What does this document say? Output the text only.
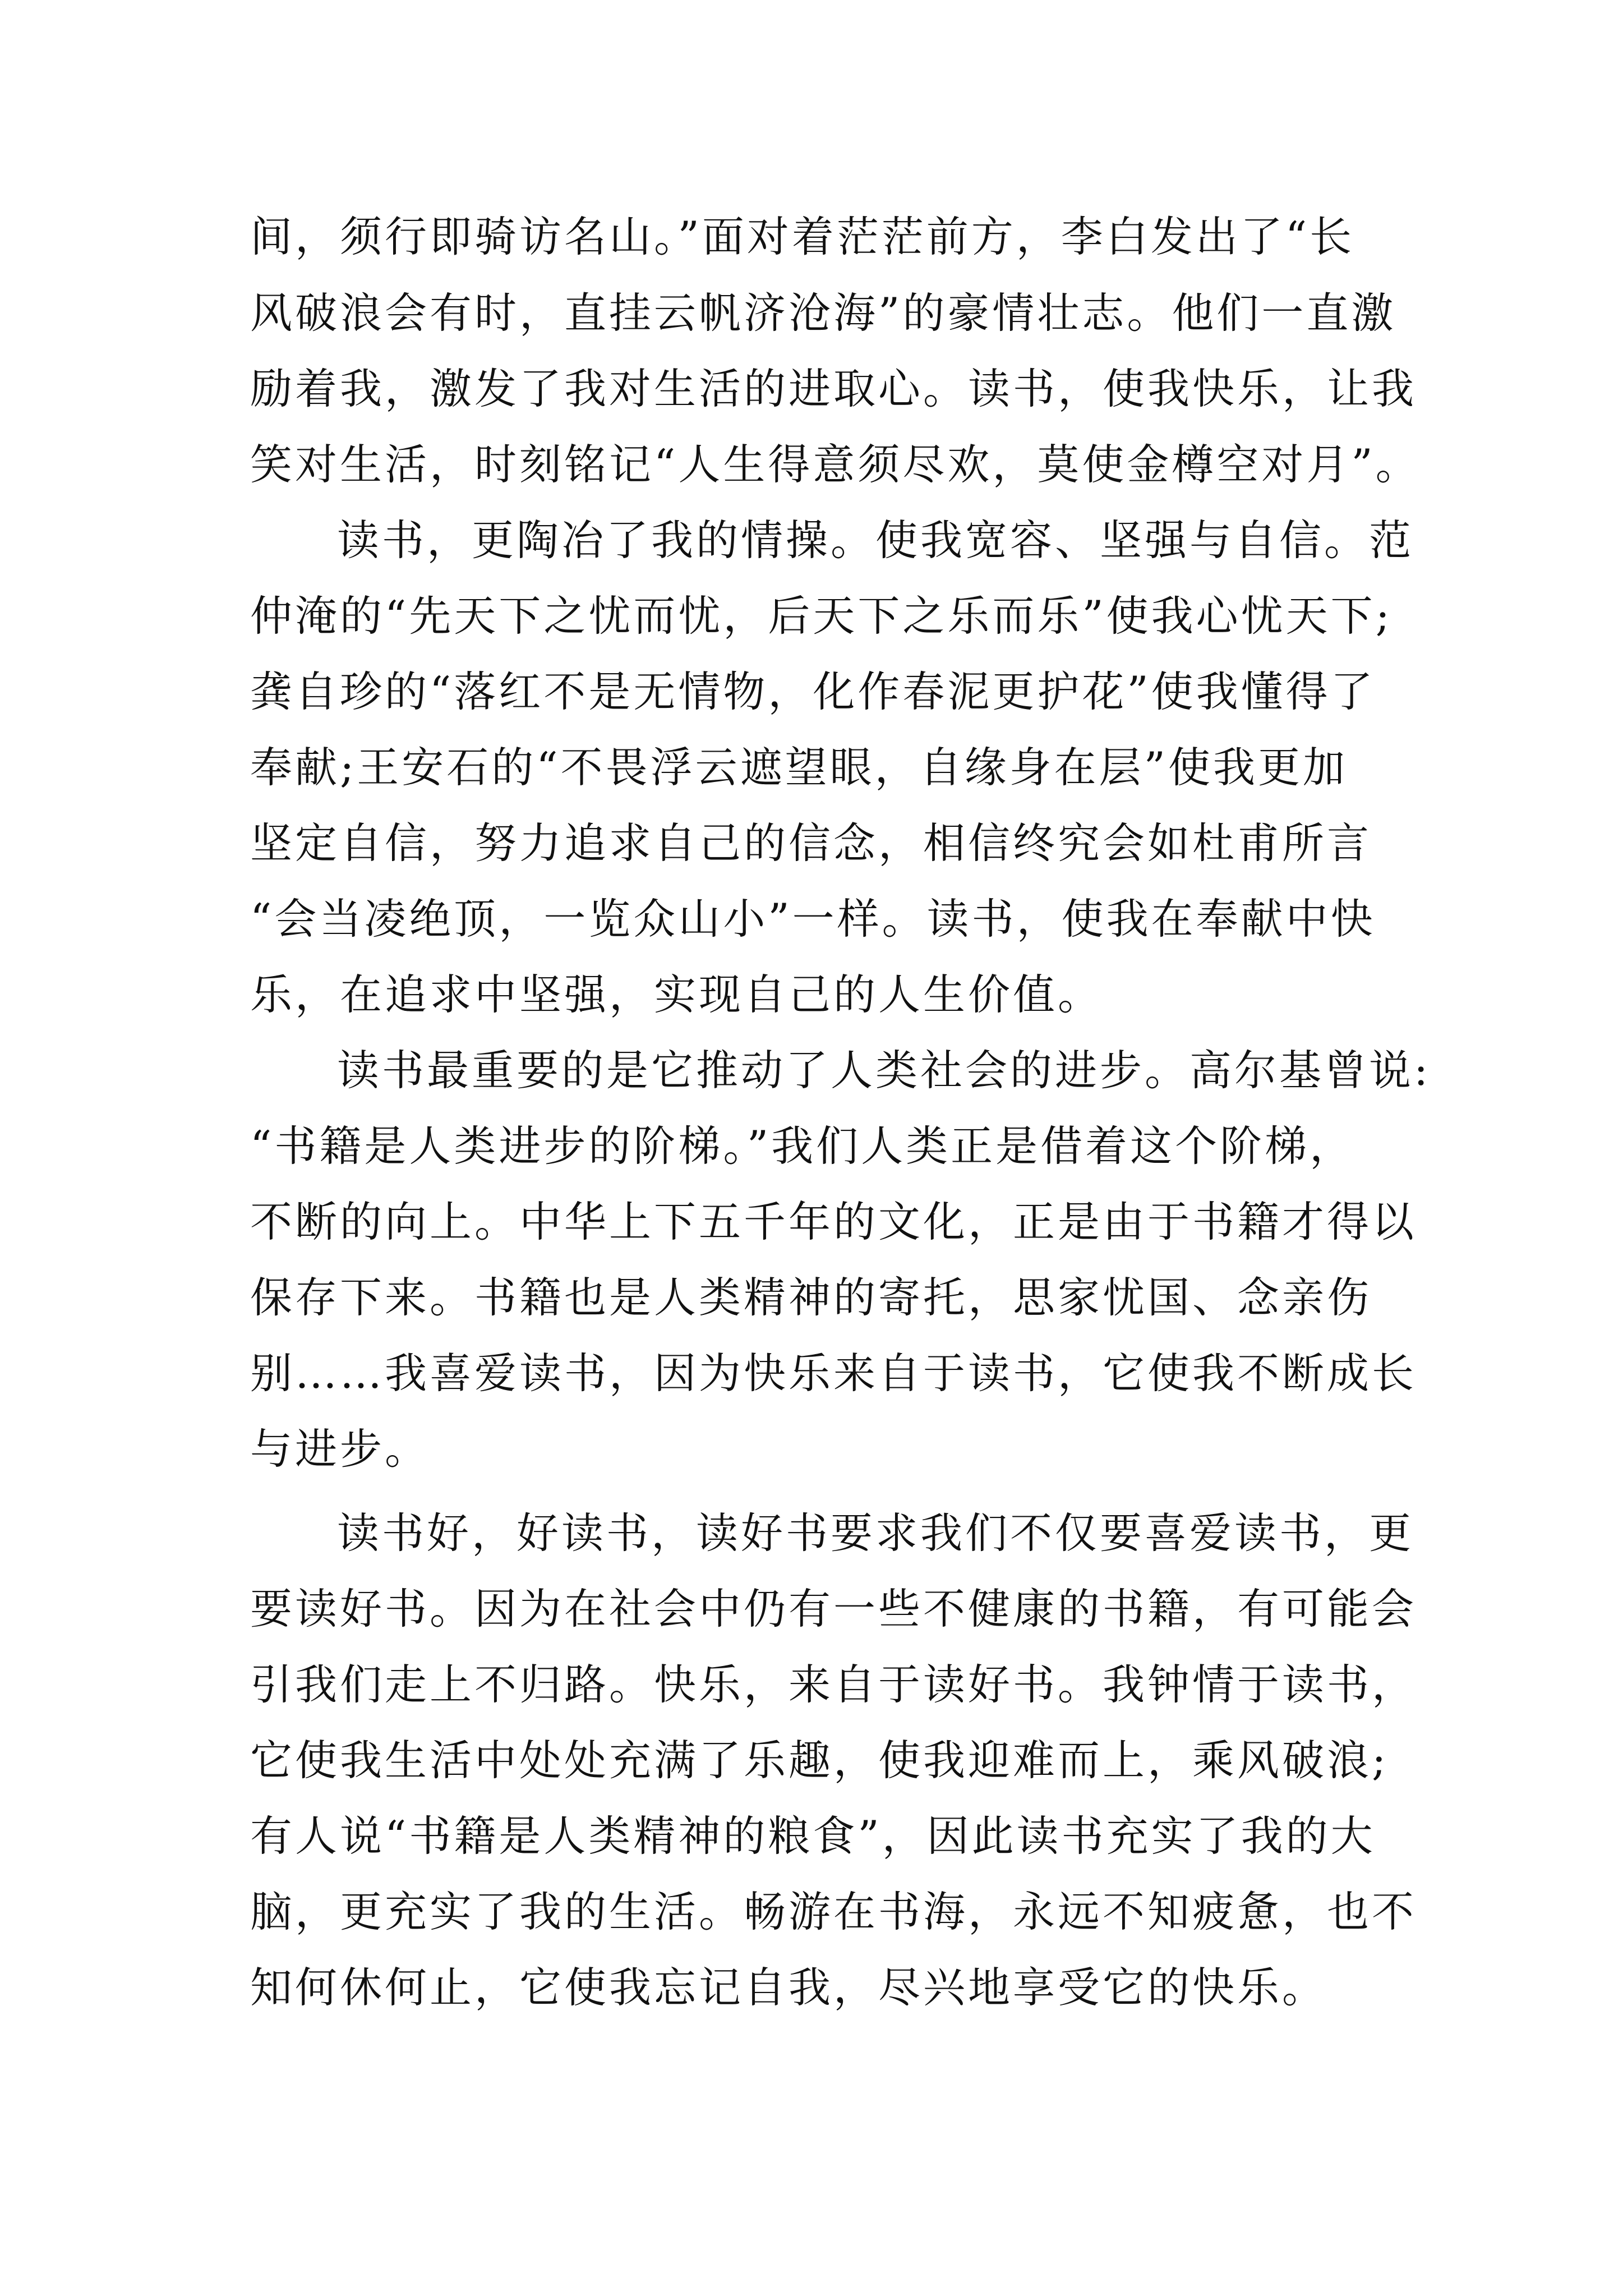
间，须行即骑访名山。”面对着茫茫前方，李白发出了“长
风破浪会有时，直挂云帆济沧海”的豪情壮志。他们一直激
励着我，激发了我对生活的进取心。读书，使我快乐，让我
笑对生活，时刻铭记“人生得意须尽欢，莫使金樽空对月”。
读书，更陶冶了我的情操。使我宽容、坚强与自信。范
仲淹的“先天下之忧而忧，后天下之乐而乐”使我心忧天下;
龚自珍的“落红不是无情物，化作春泥更护花”使我懂得了
奉献;王安石的“不畏浮云遮望眼，自缘身在层”使我更加
坚定自信，努力追求自己的信念，相信终究会如杜甫所言
“会当凌绝顶，一览众山小”一样。读书，使我在奉献中快
乐，在追求中坚强，实现自己的人生价值。
读书最重要的是它推动了人类社会的进步。高尔基曾说:
“书籍是人类进步的阶梯。”我们人类正是借着这个阶梯，
不断的向上。中华上下五千年的文化，正是由于书籍才得以
保存下来。书籍也是人类精神的寄托，思家忧国、念亲伤
别……我喜爱读书，因为快乐来自于读书，它使我不断成长
与进步。
读书好，好读书，读好书要求我们不仅要喜爱读书，更
要读好书。因为在社会中仍有一些不健康的书籍，有可能会
引我们走上不归路。快乐，来自于读好书。我钟情于读书，
它使我生活中处处充满了乐趣，使我迎难而上，乘风破浪;
有人说“书籍是人类精神的粮食”，因此读书充实了我的大
脑，更充实了我的生活。畅游在书海，永远不知疲惫，也不
知何休何止，它使我忘记自我，尽兴地享受它的快乐。
